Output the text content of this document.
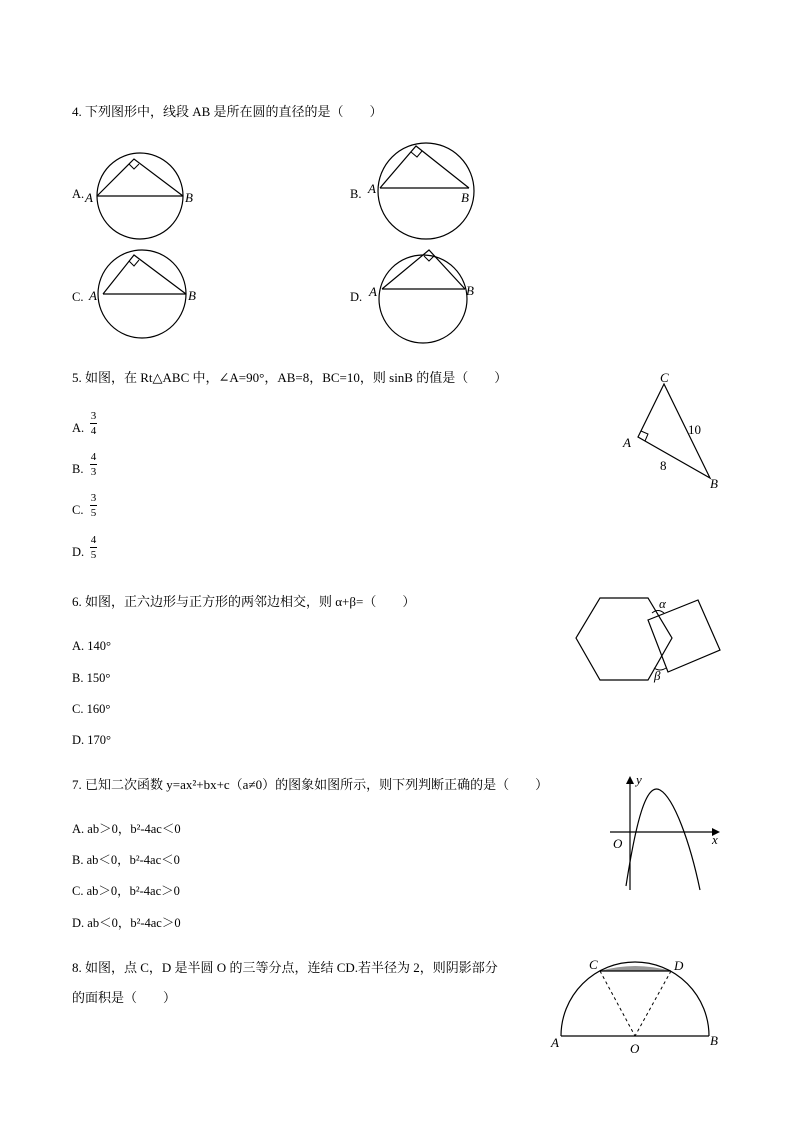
4. 下列图形中，线段 AB 是所在圆的直径的是（　　）
A. A	B	B. A
B
C. A	B	D. A	B
5. 如图，在 Rt△ABC 中，∠A=90°，AB=8，BC=10，则 sinB 的值是（　　）
A.
3
4
B.
4
3
C.
3
5
D.
4
5
C
A
B
10
8
6. 如图，正六边形与正方形的两邻边相交，则 α+β=（　　）
A. 140°
B. 150°
C. 160°
D. 170°
α
β
7. 已知二次函数 y=ax²+bx+c（a≠0）的图象如图所示，则下列判断正确的是（　　）
A. ab＞0，b²-4ac＜0
B. ab＜0，b²-4ac＜0
C. ab＞0，b²-4ac＞0
D. ab＜0，b²-4ac＞0
y
x
O
8. 如图，点 C，D 是半圆 O 的三等分点，连结 CD.若半径为 2，则阴影部分
的面积是（　　）
C	D
A	O
B
